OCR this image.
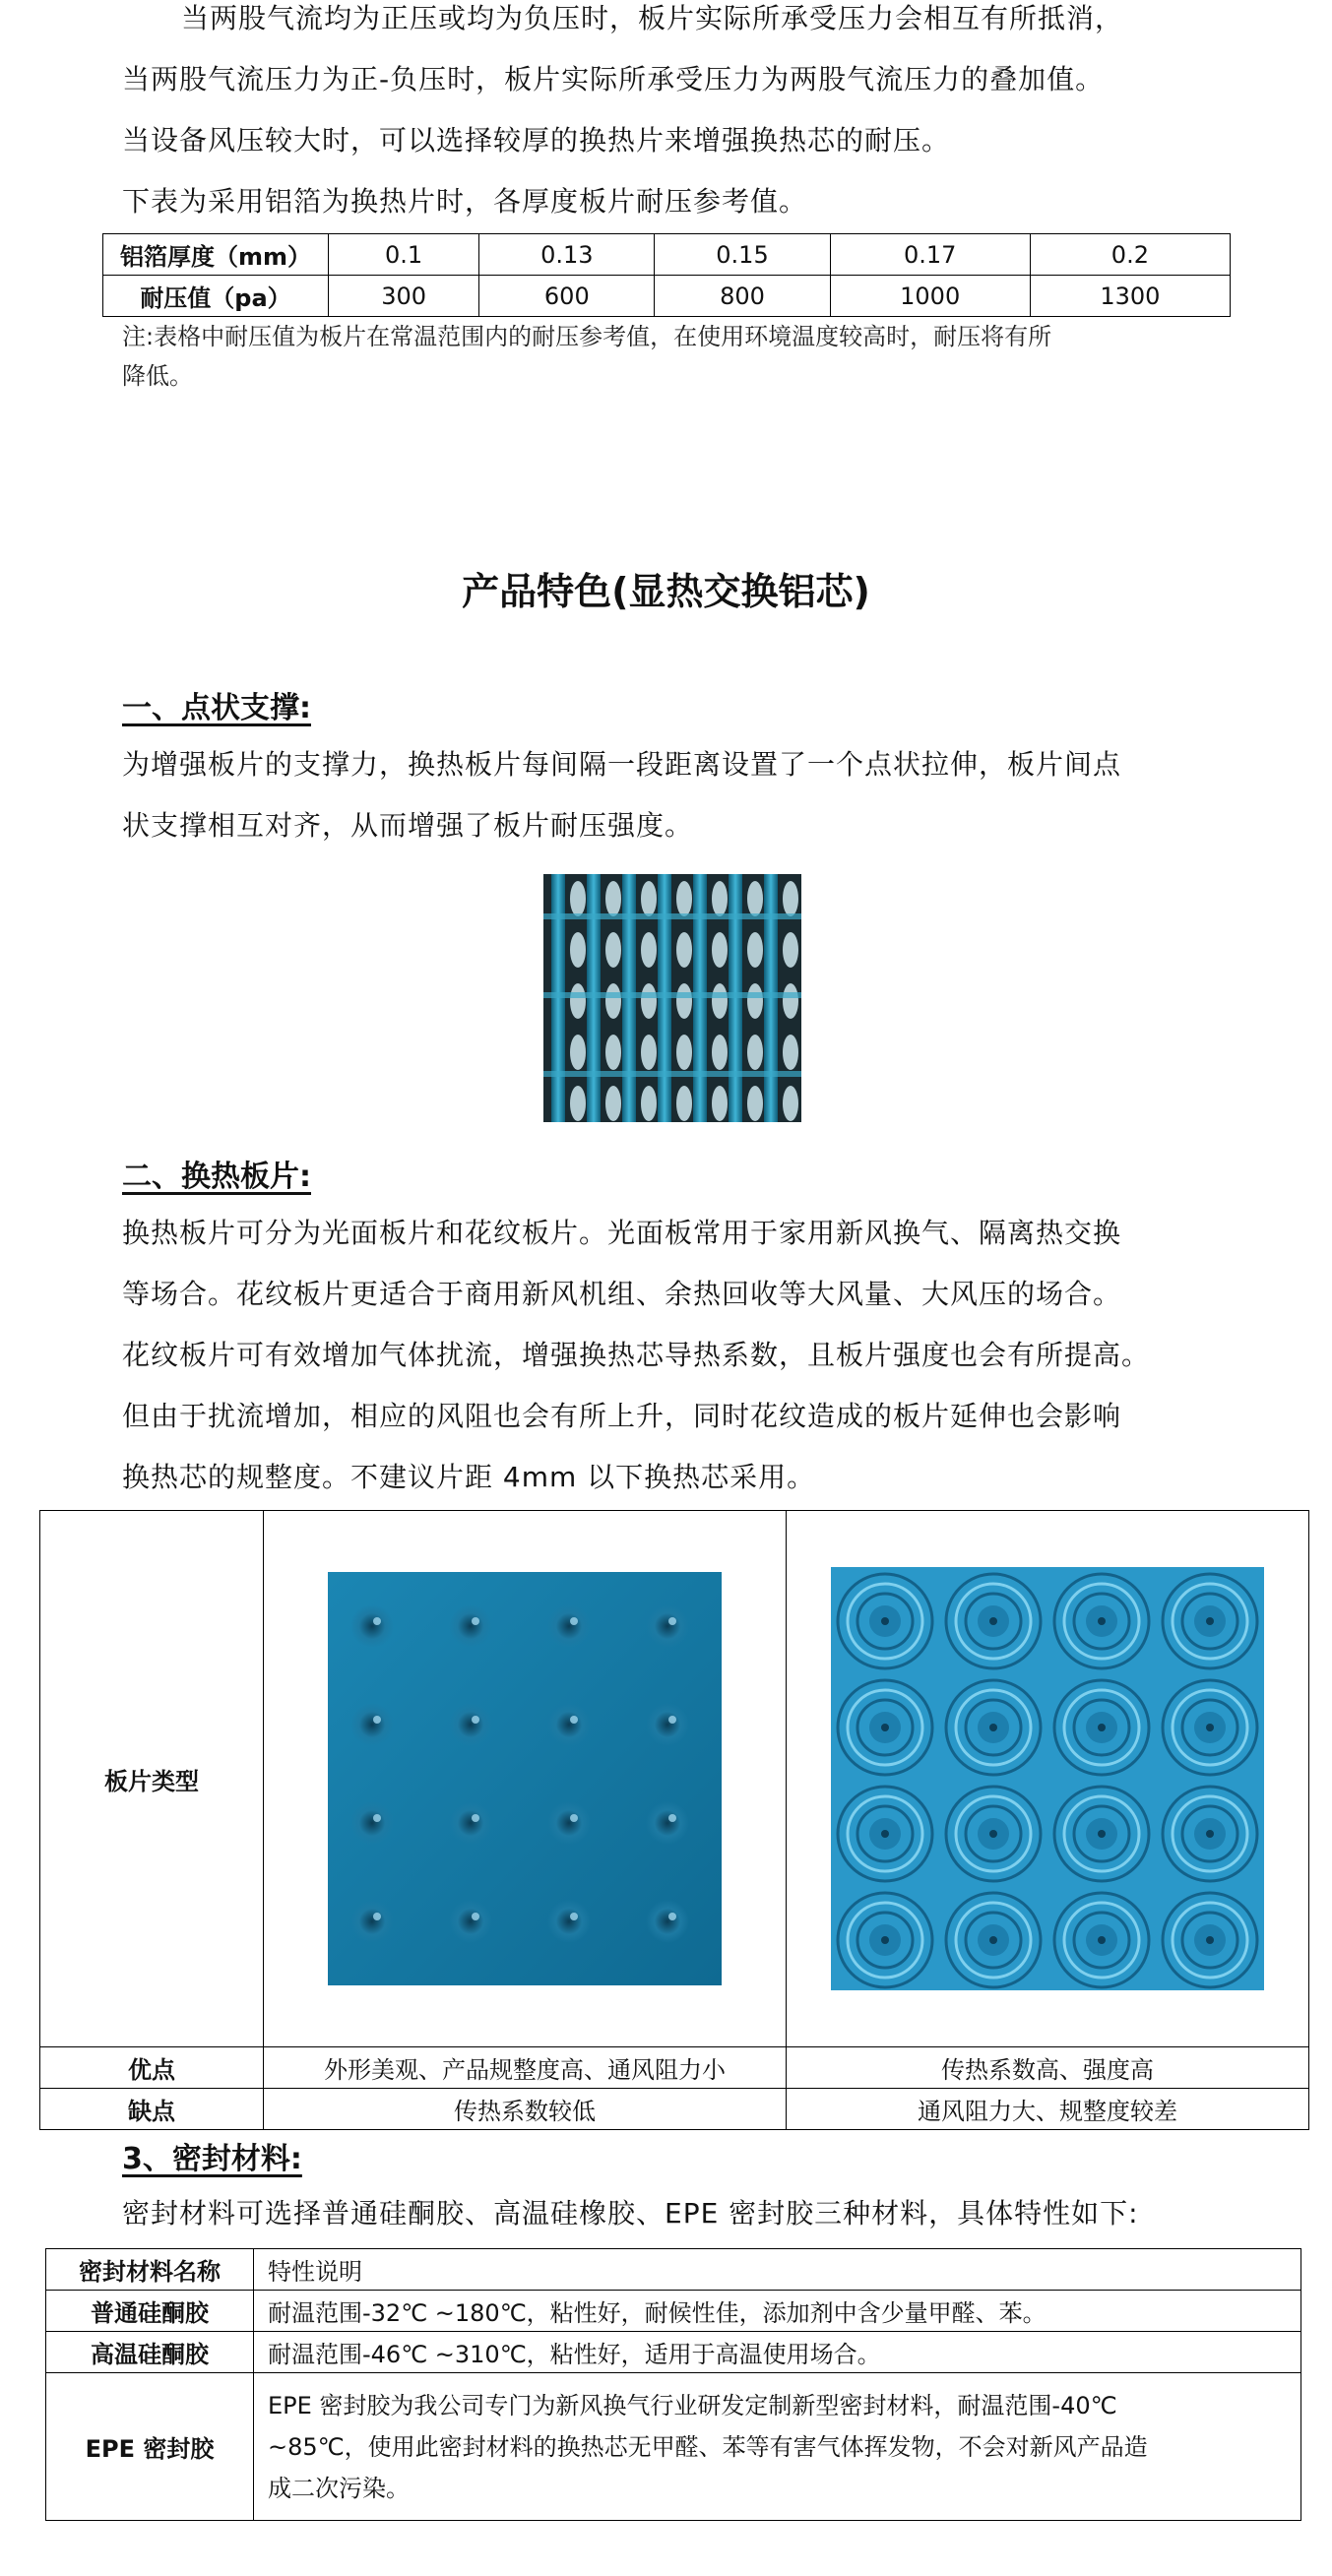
当两股气流均为正压或均为负压时，板片实际所承受压力会相互有所抵消，
当两股气流压力为正-负压时，板片实际所承受压力为两股气流压力的叠加值。
当设备风压较大时，可以选择较厚的换热片来增强换热芯的耐压。
下表为采用铝箔为换热片时，各厚度板片耐压参考值。
铝箔厚度（mm）	0.1	0.13	0.15	0.17	0.2
耐压值（pa）	300	600	800	1000	1300
注:表格中耐压值为板片在常温范围内的耐压参考值，在使用环境温度较高时，耐压将有所
降低。
产品特色(显热交换铝芯)
一、点状支撑:
为增强板片的支撑力，换热板片每间隔一段距离设置了一个点状拉伸，板片间点
状支撑相互对齐，从而增强了板片耐压强度。
二、换热板片:
换热板片可分为光面板片和花纹板片。光面板常用于家用新风换气、隔离热交换
等场合。花纹板片更适合于商用新风机组、余热回收等大风量、大风压的场合。
花纹板片可有效增加气体扰流，增强换热芯导热系数，且板片强度也会有所提高。
但由于扰流增加，相应的风阻也会有所上升，同时花纹造成的板片延伸也会影响
换热芯的规整度。不建议片距 4mm 以下换热芯采用。
板片类型	

优点	外形美观、产品规整度高、通风阻力小	传热系数高、强度高
缺点	传热系数较低	通风阻力大、规整度较差
3、密封材料:
密封材料可选择普通硅酮胶、高温硅橡胶、EPE 密封胶三种材料，具体特性如下:
密封材料名称	特性说明
普通硅酮胶	耐温范围-32℃ ~180℃，粘性好，耐候性佳，添加剂中含少量甲醛、苯。
高温硅酮胶	耐温范围-46℃ ~310℃，粘性好，适用于高温使用场合。
EPE 密封胶	EPE 密封胶为我公司专门为新风换气行业研发定制新型密封材料，耐温范围-40℃
~85℃，使用此密封材料的换热芯无甲醛、苯等有害气体挥发物，不会对新风产品造
成二次污染。
